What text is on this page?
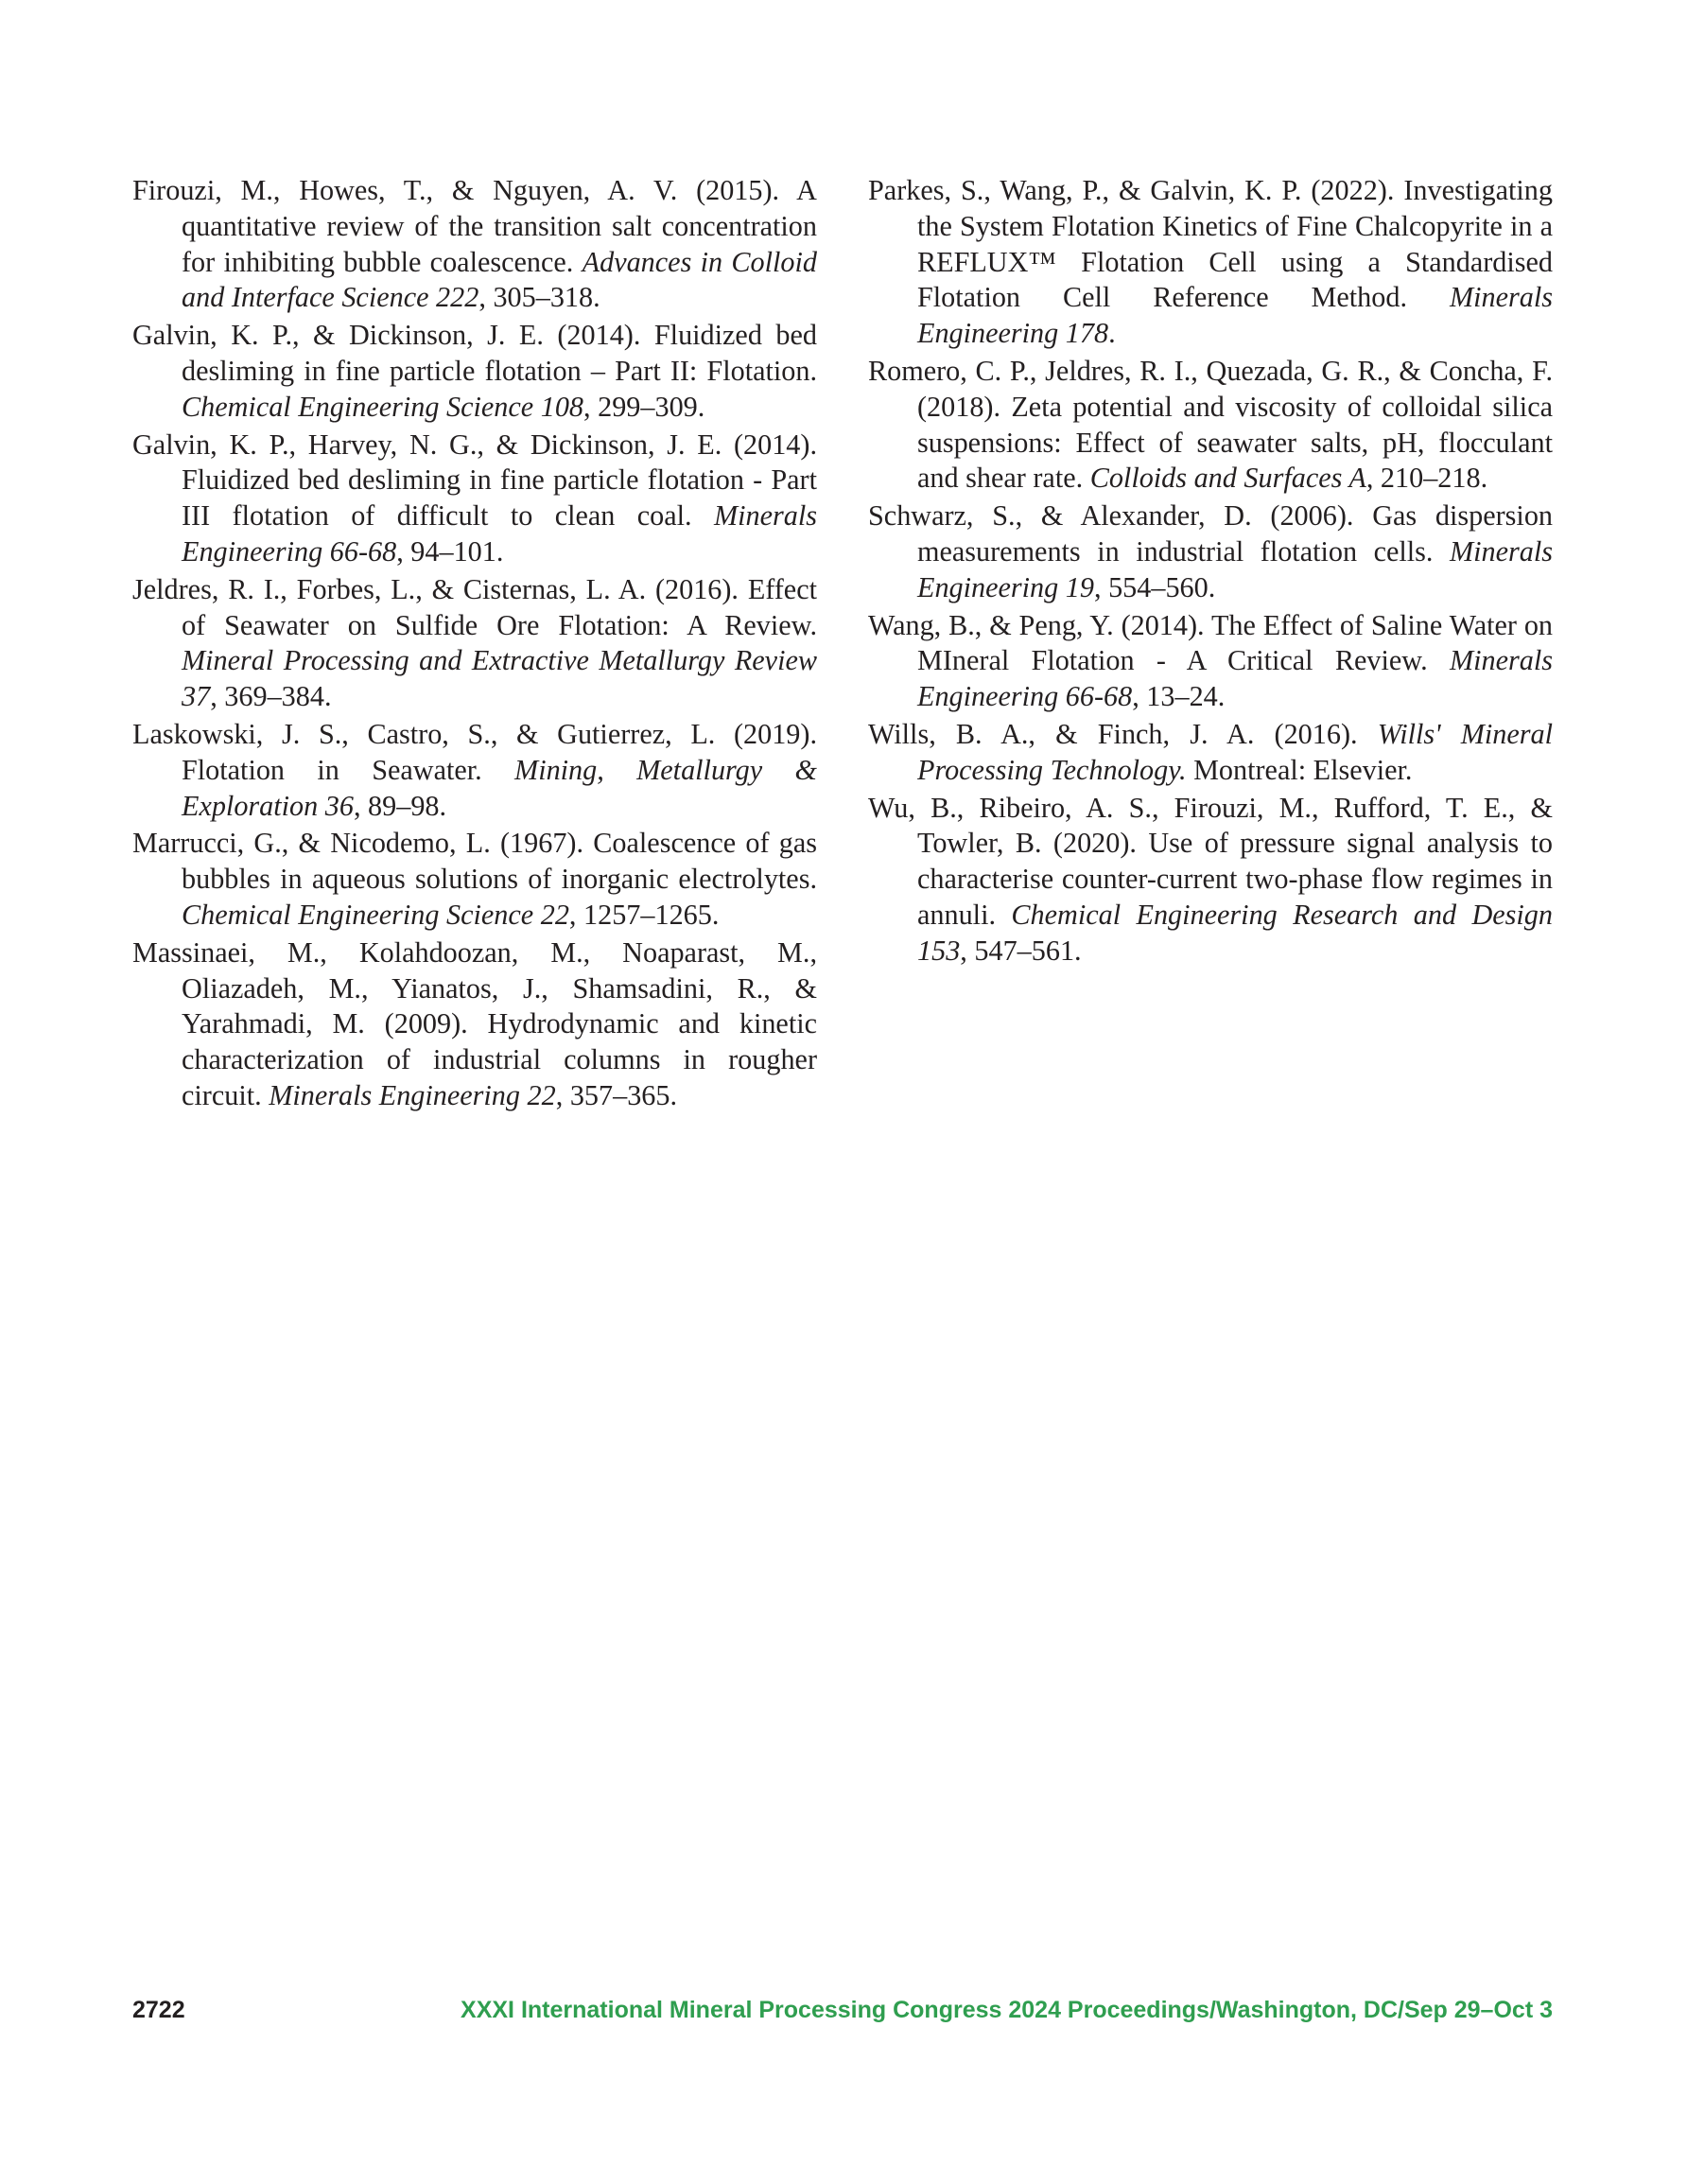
Firouzi, M., Howes, T., & Nguyen, A. V. (2015). A quantitative review of the transition salt concentration for inhibiting bubble coalescence. Advances in Colloid and Interface Science 222, 305–318.

Galvin, K. P., & Dickinson, J. E. (2014). Fluidized bed desliming in fine particle flotation – Part II: Flotation. Chemical Engineering Science 108, 299–309.

Galvin, K. P., Harvey, N. G., & Dickinson, J. E. (2014). Fluidized bed desliming in fine particle flotation - Part III flotation of difficult to clean coal. Minerals Engineering 66-68, 94–101.

Jeldres, R. I., Forbes, L., & Cisternas, L. A. (2016). Effect of Seawater on Sulfide Ore Flotation: A Review. Mineral Processing and Extractive Metallurgy Review 37, 369–384.

Laskowski, J. S., Castro, S., & Gutierrez, L. (2019). Flotation in Seawater. Mining, Metallurgy & Exploration 36, 89–98.

Marrucci, G., & Nicodemo, L. (1967). Coalescence of gas bubbles in aqueous solutions of inorganic electrolytes. Chemical Engineering Science 22, 1257–1265.

Massinaei, M., Kolahdoozan, M., Noaparast, M., Oliazadeh, M., Yianatos, J., Shamsadini, R., & Yarahmadi, M. (2009). Hydrodynamic and kinetic characterization of industrial columns in rougher circuit. Minerals Engineering 22, 357–365.

Parkes, S., Wang, P., & Galvin, K. P. (2022). Investigating the System Flotation Kinetics of Fine Chalcopyrite in a REFLUX™ Flotation Cell using a Standardised Flotation Cell Reference Method. Minerals Engineering 178.

Romero, C. P., Jeldres, R. I., Quezada, G. R., & Concha, F. (2018). Zeta potential and viscosity of colloidal silica suspensions: Effect of seawater salts, pH, flocculant and shear rate. Colloids and Surfaces A, 210–218.

Schwarz, S., & Alexander, D. (2006). Gas dispersion measurements in industrial flotation cells. Minerals Engineering 19, 554–560.

Wang, B., & Peng, Y. (2014). The Effect of Saline Water on MIneral Flotation - A Critical Review. Minerals Engineering 66-68, 13–24.

Wills, B. A., & Finch, J. A. (2016). Wills' Mineral Processing Technology. Montreal: Elsevier.

Wu, B., Ribeiro, A. S., Firouzi, M., Rufford, T. E., & Towler, B. (2020). Use of pressure signal analysis to characterise counter-current two-phase flow regimes in annuli. Chemical Engineering Research and Design 153, 547–561.

2722	XXXI International Mineral Processing Congress 2024 Proceedings/Washington, DC/Sep 29–Oct 3
